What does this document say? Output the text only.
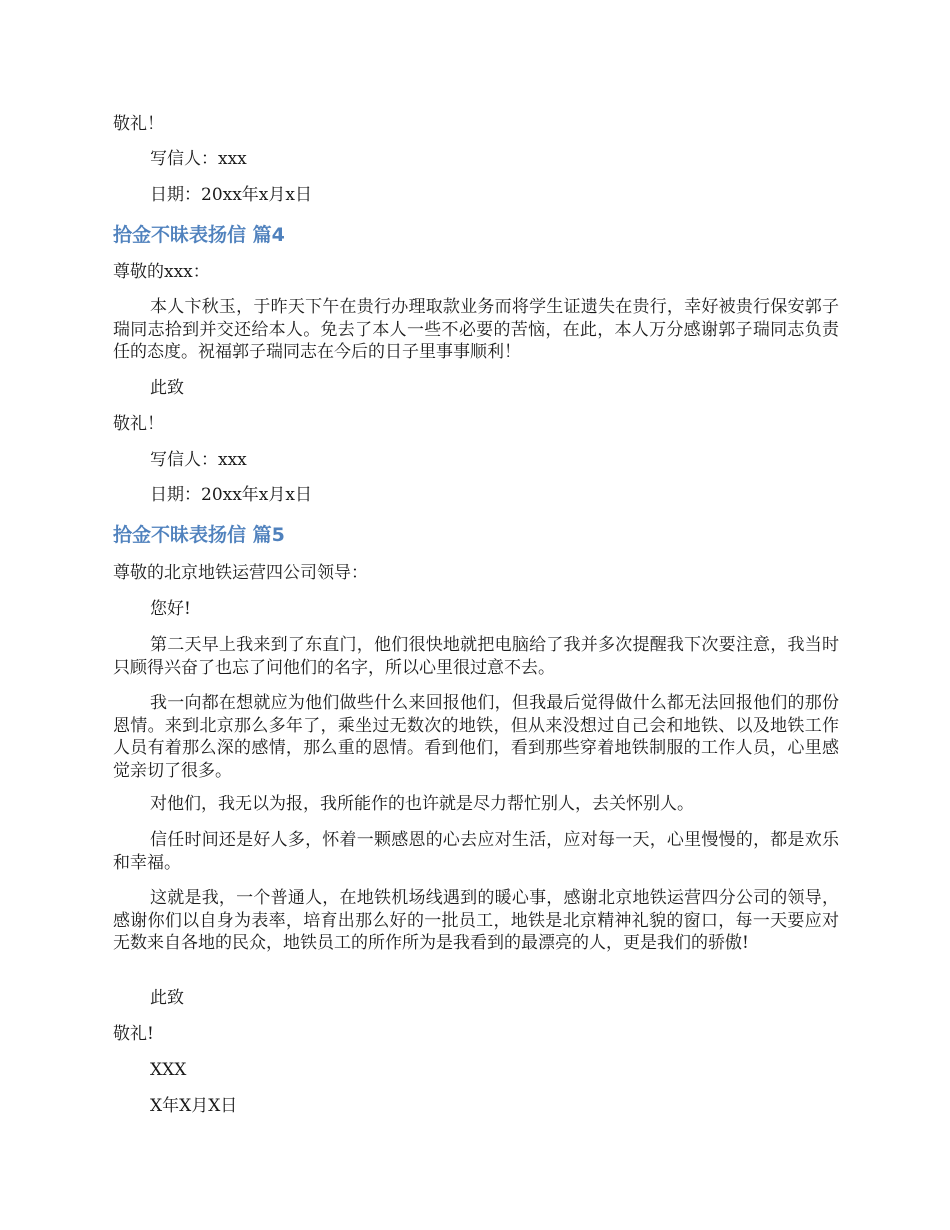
敬礼！

写信人：xxx

日期：20xx年x月x日

拾金不昧表扬信 篇4

尊敬的xxx：

本人卞秋玉，于昨天下午在贵行办理取款业务而将学生证遗失在贵行，幸好被贵行保安郭子瑞同志拾到并交还给本人。免去了本人一些不必要的苦恼，在此，本人万分感谢郭子瑞同志负责任的态度。祝福郭子瑞同志在今后的日子里事事顺利！

此致

敬礼！

写信人：xxx

日期：20xx年x月x日

拾金不昧表扬信 篇5

尊敬的北京地铁运营四公司领导：

您好!

第二天早上我来到了东直门，他们很快地就把电脑给了我并多次提醒我下次要注意，我当时只顾得兴奋了也忘了问他们的名字，所以心里很过意不去。

我一向都在想就应为他们做些什么来回报他们，但我最后觉得做什么都无法回报他们的那份恩情。来到北京那么多年了，乘坐过无数次的地铁，但从来没想过自己会和地铁、以及地铁工作人员有着那么深的感情，那么重的恩情。看到他们，看到那些穿着地铁制服的工作人员，心里感觉亲切了很多。

对他们，我无以为报，我所能作的也许就是尽力帮忙别人，去关怀别人。

信任时间还是好人多，怀着一颗感恩的心去应对生活，应对每一天，心里慢慢的，都是欢乐和幸福。

这就是我，一个普通人，在地铁机场线遇到的暖心事，感谢北京地铁运营四分公司的领导，感谢你们以自身为表率，培育出那么好的一批员工，地铁是北京精神礼貌的窗口，每一天要应对无数来自各地的民众，地铁员工的所作所为是我看到的最漂亮的人，更是我们的骄傲!

此致

敬礼!

XXX

X年X月X日
